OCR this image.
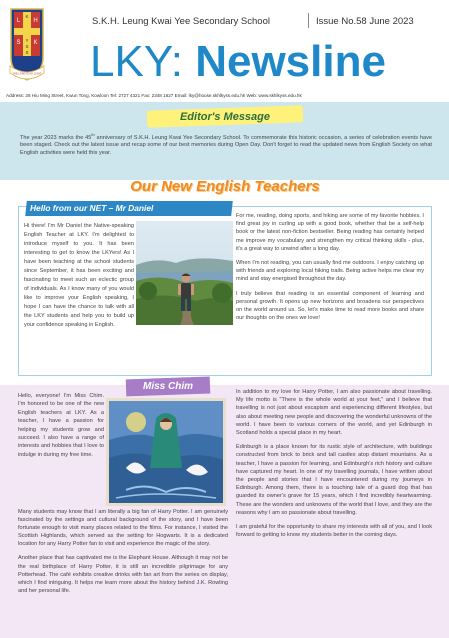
L
S K
H
K
Y
S
S
THE LORD IS MY LIGHT
S.K.H. Leung Kwai Yee Secondary School	Issue No.58 June 2023
LKY: Newsline
Address: 28 Hiu Ming Street, Kwun Tong, Kowloon Tel: 2727 4321 Fax: 2348 1627 Email: lky@house.skhlkyss.edu.hk Web: www.skhlkyss.edu.hk
Editor's Message
The year 2023 marks the 45th anniversary of S.K.H. Leung Kwai Yee Secondary School. To commemorate this historic occasion, a series of celebration events have been staged. Check out the latest issue and recap some of our best memories during Open Day. Don't forget to read the updated news from English Society on what English activities were held this year.
Our New English Teachers
Hello from our NET – Mr Daniel
Hi there! I'm Mr Daniel the Native-speaking English Teacher at LKY. I'm delighted to introduce myself to you. It has been interesting to get to know the LKYers! As I have been teaching at the school students since September, it has been exciting and fascinating to meet such an eclectic group of individuals. As I know many of you would like to improve your English speaking, I hope I can have the chance to talk with all the LKY students and help you to build up your confidence speaking in English.

For me, reading, doing sports, and hiking are some of my favorite hobbies. I find great joy in curling up with a good book, whether that be a self-help book or the latest non-fiction bestseller. Being reading has certainly helped me improve my vocabulary and strengthen my critical thinking skills - plus, it's a great way to unwind after a long day.

When I'm not reading, you can usually find me outdoors. I enjoy catching up with friends and exploring local hiking trails. Being active helps me clear my mind and stay energised throughout the day.

I truly believe that reading is an essential component of learning and personal growth. It opens up new horizons and broadens our perspectives on the world around us. So, let's make time to read more books and share our thoughts on the ones we love!

Miss Chim
Hello, everyone! I'm Miss Chim. I'm honored to be one of the new English teachers at LKY. As a teacher, I have a passion for helping my students grow and succeed. I also have a range of interests and hobbies that I love to indulge in during my free time.

Many students may know that I am literally a big fan of Harry Potter. I am genuinely fascinated by the settings and cultural background of the story, and I have been fortunate enough to visit many places related to the films. For instance, I visited the Scottish Highlands, which served as the setting for Hogwarts. It is a dedicated location for any Harry Potter fan to visit and experience the magic of the story.

Another place that has captivated me is the Elephant House. Although it may not be the real birthplace of Harry Potter, it is still an incredible pilgrimage for any Potterhead. The café exhibits creative drinks with fan art from the series on display, which I find intriguing. It helps me learn more about the history behind J.K. Rowling and her personal life.

In addition to my love for Harry Potter, I am also passionate about travelling. My life motto is "There is the whole world at your feet," and I believe that travelling is not just about escapism and experiencing different lifestyles, but also about meeting new people and discovering the wonderful unknowns of the world. I have been to various corners of the world, and yet Edinburgh in Scotland holds a special place in my heart.

Edinburgh is a place known for its rustic style of architecture, with buildings constructed from brick to brick and tall castles atop distant mountains. As a teacher, I have a passion for learning, and Edinburgh's rich history and culture have captured my heart. In one of my travelling journals, I have written about the people and stories that I have encountered during my journeys in Edinburgh. Among them, there is a touching tale of a guard dog that has guarded its owner's grave for 15 years, which I find incredibly heartwarming. These are the wonders and unknowns of the world that I love, and they are the reasons why I am so passionate about travelling.

I am grateful for the opportunity to share my interests with all of you, and I look forward to getting to know my students better in the coming days.
